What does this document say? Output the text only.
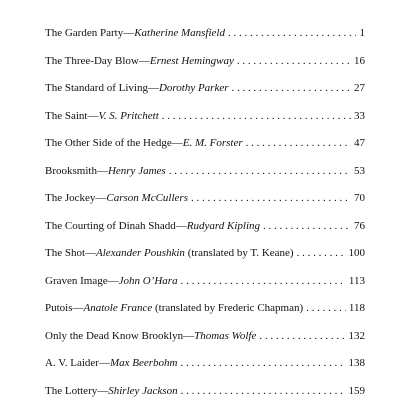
The Garden Party — Katherine Mansfield . . .	1
The Three-Day Blow — Ernest Hemingway . . .	16
The Standard of Living — Dorothy Parker . . .	27
The Saint — V. S. Pritchett . . .	33
The Other Side of the Hedge — E. M. Forster . . .	47
Brooksmith — Henry James . . .	53
The Jockey — Carson McCullers . . .	70
The Courting of Dinah Shadd — Rudyard Kipling . . .	76
The Shot — Alexander Poushkin (translated by T. Keane) . . .	100
Graven Image — John O’Hara . . .	113
Putois — Anatole France (translated by Frederic Chapman) . . .	118
Only the Dead Know Brooklyn — Thomas Wolfe . . .	132
A. V. Laider — Max Beerbohm . . .	138
The Lottery — Shirley Jackson . . .	159
